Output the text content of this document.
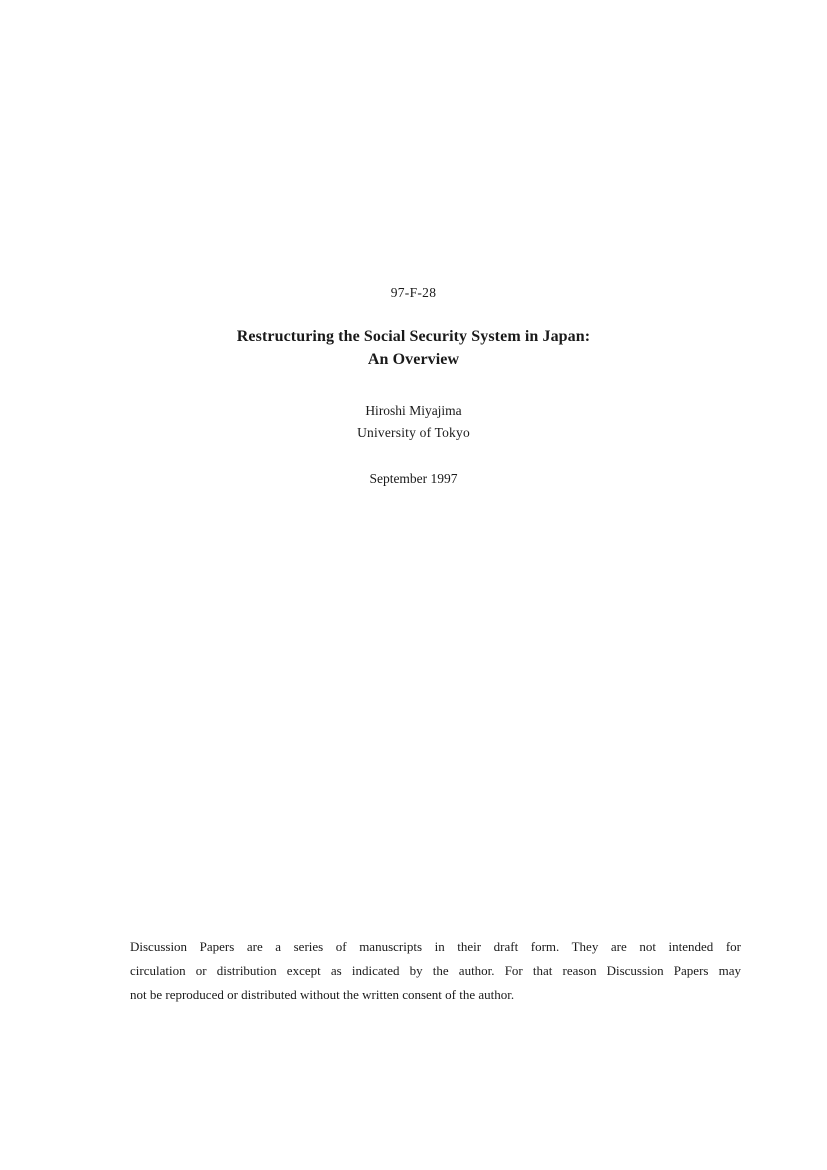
97-F-28
Restructuring the Social Security System in Japan:
An Overview
Hiroshi Miyajima
University of Tokyo
September 1997
Discussion Papers are a series of manuscripts in their draft form. They are not intended for
circulation or distribution except as indicated by the author. For that reason Discussion Papers may
not be reproduced or distributed without the written consent of the author.
